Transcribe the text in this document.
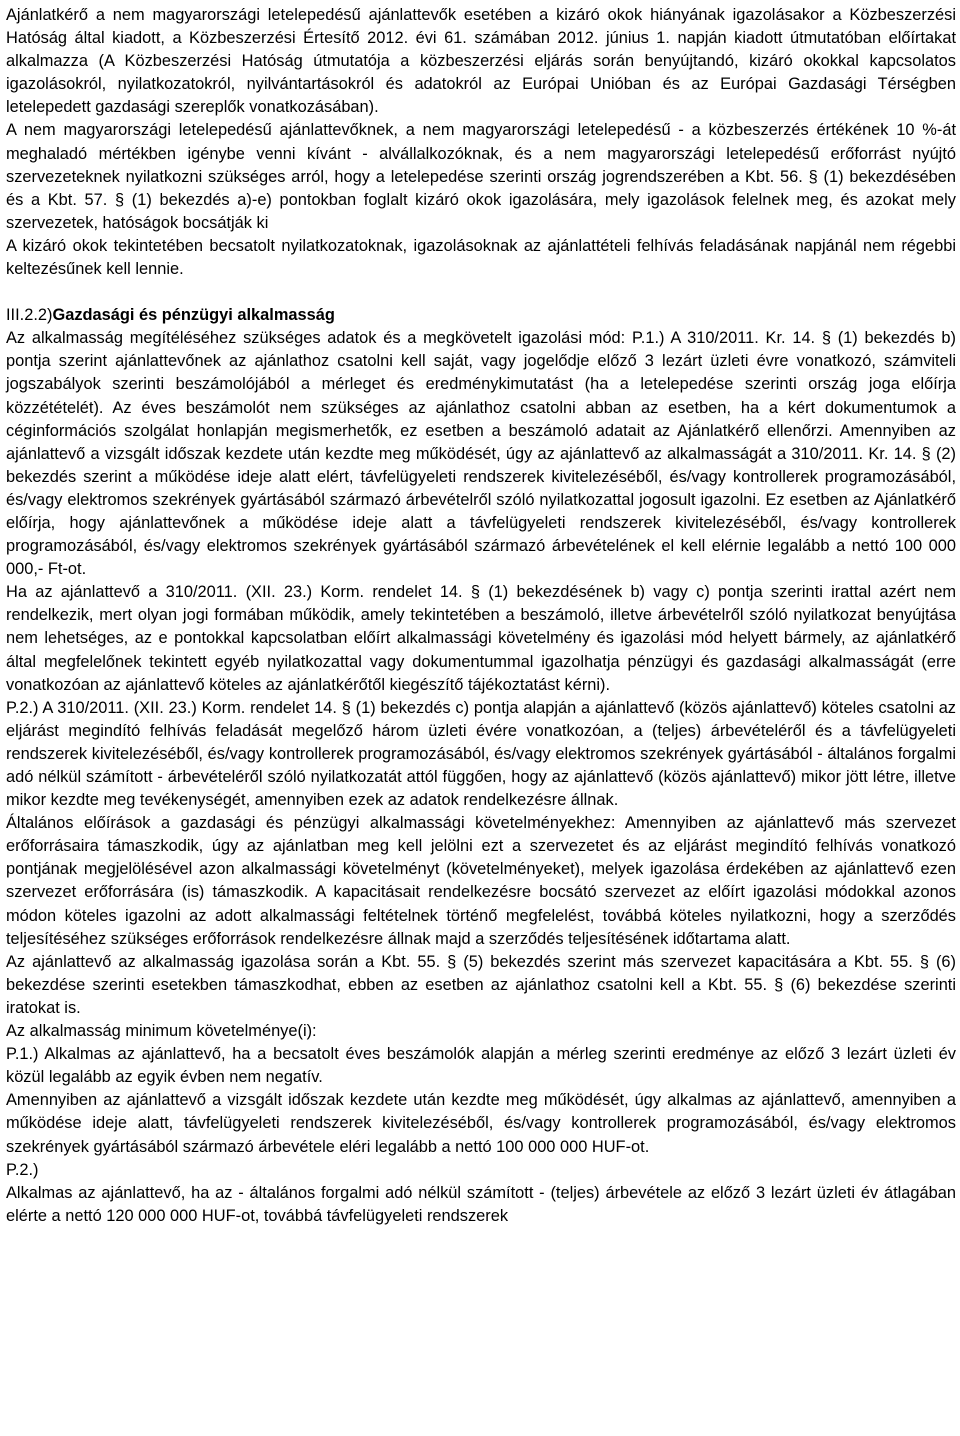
Ajánlatkérő a nem magyarországi letelepedésű ajánlattevők esetében a kizáró okok hiányának igazolásakor a Közbeszerzési Hatóság által kiadott, a Közbeszerzési Értesítő 2012. évi 61. számában 2012. június 1. napján kiadott útmutatóban előírtakat alkalmazza (A Közbeszerzési Hatóság útmutatója a közbeszerzési eljárás során benyújtandó, kizáró okokkal kapcsolatos igazolásokról, nyilatkozatokról, nyilvántartásokról és adatokról az Európai Unióban és az Európai Gazdasági Térségben letelepedett gazdasági szereplők vonatkozásában).

A nem magyarországi letelepedésű ajánlattevőknek, a nem magyarországi letelepedésű - a közbeszerzés értékének 10 %-át meghaladó mértékben igénybe venni kívánt - alvállalkozóknak, és a nem magyarországi letelepedésű erőforrást nyújtó szervezeteknek nyilatkozni szükséges arról, hogy a letelepedése szerinti ország jogrendszerében a Kbt. 56. § (1) bekezdésében és a Kbt. 57. § (1) bekezdés a)-e) pontokban foglalt kizáró okok igazolására, mely igazolások felelnek meg, és azokat mely szervezetek, hatóságok bocsátják ki

A kizáró okok tekintetében becsatolt nyilatkozatoknak, igazolásoknak az ajánlattételi felhívás feladásának napjánál nem régebbi keltezésűnek kell lennie.

III.2.2)Gazdasági és pénzügyi alkalmasság

Az alkalmasság megítéléséhez szükséges adatok és a megkövetelt igazolási mód: P.1.) A 310/2011. Kr. 14. § (1) bekezdés b) pontja szerint ajánlattevőnek az ajánlathoz csatolni kell saját, vagy jogelődje előző 3 lezárt üzleti évre vonatkozó, számviteli jogszabályok szerinti beszámolójából a mérleget és eredménykimutatást (ha a letelepedése szerinti ország joga előírja közzétételét). Az éves beszámolót nem szükséges az ajánlathoz csatolni abban az esetben, ha a kért dokumentumok a céginformációs szolgálat honlapján megismerhetők, ez esetben a beszámoló adatait az Ajánlatkérő ellenőrzi. Amennyiben az ajánlattevő a vizsgált időszak kezdete után kezdte meg működését, úgy az ajánlattevő az alkalmasságát a 310/2011. Kr. 14. § (2) bekezdés szerint a működése ideje alatt elért, távfelügyeleti rendszerek kivitelezéséből, és/vagy kontrollerek programozásából, és/vagy elektromos szekrények gyártásából származó árbevételről szóló nyilatkozattal jogosult igazolni. Ez esetben az Ajánlatkérő előírja, hogy ajánlattevőnek a működése ideje alatt a távfelügyeleti rendszerek kivitelezéséből, és/vagy kontrollerek programozásából, és/vagy elektromos szekrények gyártásából származó árbevételének el kell elérnie legalább a nettó 100 000 000,- Ft-ot.

Ha az ajánlattevő a 310/2011. (XII. 23.) Korm. rendelet 14. § (1) bekezdésének b) vagy c) pontja szerinti irattal azért nem rendelkezik, mert olyan jogi formában működik, amely tekintetében a beszámoló, illetve árbevételről szóló nyilatkozat benyújtása nem lehetséges, az e pontokkal kapcsolatban előírt alkalmassági követelmény és igazolási mód helyett bármely, az ajánlatkérő által megfelelőnek tekintett egyéb nyilatkozattal vagy dokumentummal igazolhatja pénzügyi és gazdasági alkalmasságát (erre vonatkozóan az ajánlattevő köteles az ajánlatkérőtől kiegészítő tájékoztatást kérni).

P.2.) A 310/2011. (XII. 23.) Korm. rendelet 14. § (1) bekezdés c) pontja alapján a ajánlattevő (közös ajánlattevő) köteles csatolni az eljárást megindító felhívás feladását megelőző három üzleti évére vonatkozóan, a (teljes) árbevételéről és a távfelügyeleti rendszerek kivitelezéséből, és/vagy kontrollerek programozásából, és/vagy elektromos szekrények gyártásából - általános forgalmi adó nélkül számított - árbevételéről szóló nyilatkozatát attól függően, hogy az ajánlattevő (közös ajánlattevő) mikor jött létre, illetve mikor kezdte meg tevékenységét, amennyiben ezek az adatok rendelkezésre állnak.

Általános előírások a gazdasági és pénzügyi alkalmassági követelményekhez: Amennyiben az ajánlattevő más szervezet erőforrásaira támaszkodik, úgy az ajánlatban meg kell jelölni ezt a szervezetet és az eljárást megindító felhívás vonatkozó pontjának megjelölésével azon alkalmassági követelményt (követelményeket), melyek igazolása érdekében az ajánlattevő ezen szervezet erőforrására (is) támaszkodik. A kapacitásait rendelkezésre bocsátó szervezet az előírt igazolási módokkal azonos módon köteles igazolni az adott alkalmassági feltételnek történő megfelelést, továbbá köteles nyilatkozni, hogy a szerződés teljesítéséhez szükséges erőforrások rendelkezésre állnak majd a szerződés teljesítésének időtartama alatt.

Az ajánlattevő az alkalmasság igazolása során a Kbt. 55. § (5) bekezdés szerint más szervezet kapacitására a Kbt. 55. § (6) bekezdése szerinti esetekben támaszkodhat, ebben az esetben az ajánlathoz csatolni kell a Kbt. 55. § (6) bekezdése szerinti iratokat is.

Az alkalmasság minimum követelménye(i):

P.1.) Alkalmas az ajánlattevő, ha a becsatolt éves beszámolók alapján a mérleg szerinti eredménye az előző 3 lezárt üzleti év közül legalább az egyik évben nem negatív.

Amennyiben az ajánlattevő a vizsgált időszak kezdete után kezdte meg működését, úgy alkalmas az ajánlattevő, amennyiben a működése ideje alatt, távfelügyeleti rendszerek kivitelezéséből, és/vagy kontrollerek programozásából, és/vagy elektromos szekrények gyártásából származó árbevétele eléri legalább a nettó 100 000 000 HUF-ot.

P.2.)

Alkalmas az ajánlattevő, ha az - általános forgalmi adó nélkül számított - (teljes) árbevétele az előző 3 lezárt üzleti év átlagában elérte a nettó 120 000 000 HUF-ot, továbbá távfelügyeleti rendszerek
